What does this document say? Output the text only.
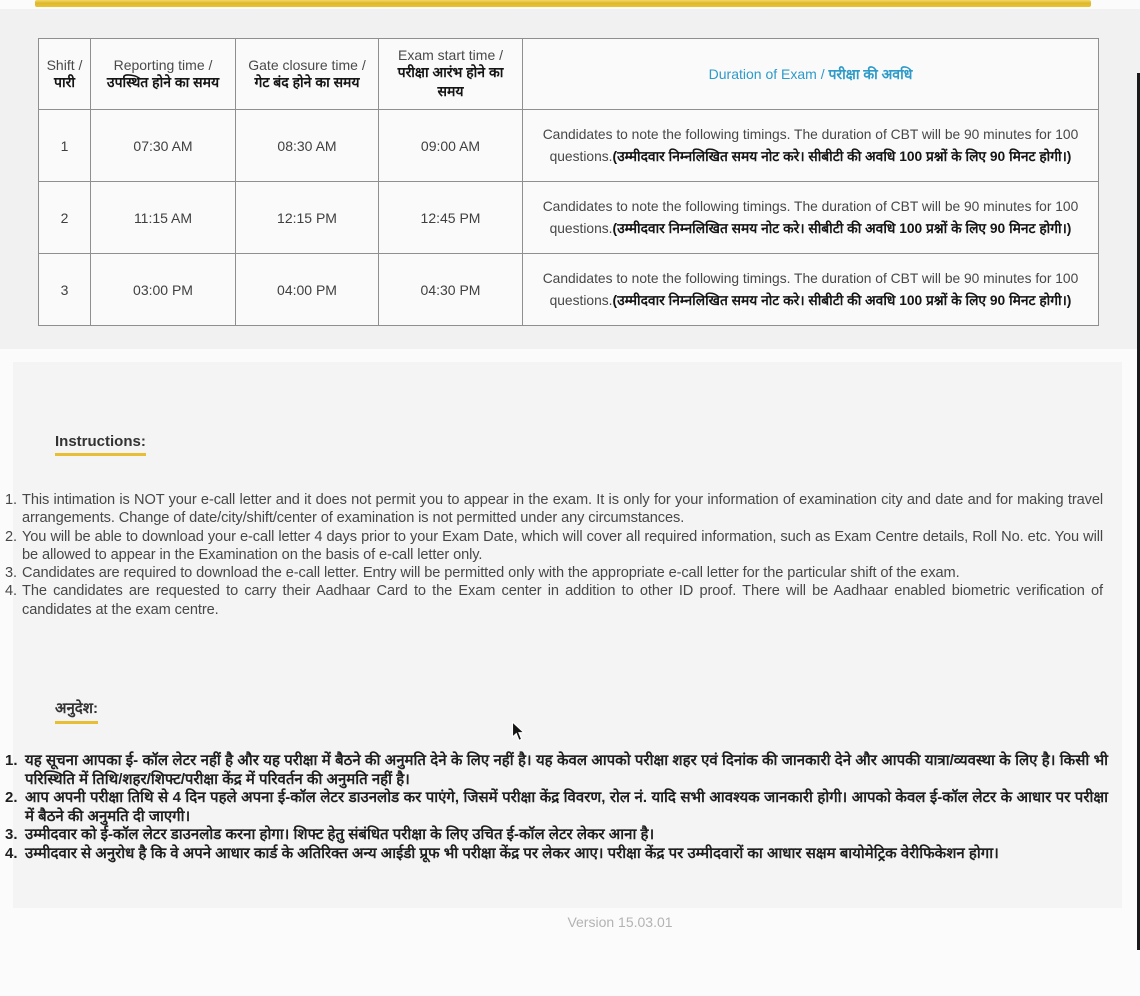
Shift / पारी	Reporting time / उपस्थित होने का समय	Gate closure time / गेट बंद होने का समय	Exam start time / परीक्षा आरंभ होने का समय	Duration of Exam / परीक्षा की अवधि
1	07:30 AM	08:30 AM	09:00 AM	Candidates to note the following timings. The duration of CBT will be 90 minutes for 100 questions.(उम्मीदवार निम्नलिखित समय नोट करे। सीबीटी की अवधि 100 प्रश्नों के लिए 90 मिनट होगी।)
2	11:15 AM	12:15 PM	12:45 PM	Candidates to note the following timings. The duration of CBT will be 90 minutes for 100 questions.(उम्मीदवार निम्नलिखित समय नोट करे। सीबीटी की अवधि 100 प्रश्नों के लिए 90 मिनट होगी।)
3	03:00 PM	04:00 PM	04:30 PM	Candidates to note the following timings. The duration of CBT will be 90 minutes for 100 questions.(उम्मीदवार निम्नलिखित समय नोट करे। सीबीटी की अवधि 100 प्रश्नों के लिए 90 मिनट होगी।)
Instructions:
1. This intimation is NOT your e-call letter and it does not permit you to appear in the exam. It is only for your information of examination city and date and for making travel arrangements. Change of date/city/shift/center of examination is not permitted under any circumstances.
2. You will be able to download your e-call letter 4 days prior to your Exam Date, which will cover all required information, such as Exam Centre details, Roll No. etc. You will be allowed to appear in the Examination on the basis of e-call letter only.
3. Candidates are required to download the e-call letter. Entry will be permitted only with the appropriate e-call letter for the particular shift of the exam.
4. The candidates are requested to carry their Aadhaar Card to the Exam center in addition to other ID proof. There will be Aadhaar enabled biometric verification of candidates at the exam centre.
अनुदेश:
1. यह सूचना आपका ई- कॉल लेटर नहीं है और यह परीक्षा में बैठने की अनुमति देने के लिए नहीं है। यह केवल आपको परीक्षा शहर एवं दिनांक की जानकारी देने और आपकी यात्रा/व्यवस्था के लिए है। किसी भी परिस्थिति में तिथि/शहर/शिफ्ट/परीक्षा केंद्र में परिवर्तन की अनुमति नहीं है।
2. आप अपनी परीक्षा तिथि से 4 दिन पहले अपना ई-कॉल लेटर डाउनलोड कर पाएंगे, जिसमें परीक्षा केंद्र विवरण, रोल नं. यादि सभी आवश्यक जानकारी होगी। आपको केवल ई-कॉल लेटर के आधार पर परीक्षा में बैठने की अनुमति दी जाएगी।
3. उम्मीदवार को ई-कॉल लेटर डाउनलोड करना होगा। शिफ्ट हेतु संबंधित परीक्षा के लिए उचित ई-कॉल लेटर लेकर आना है।
4. उम्मीदवार से अनुरोध है कि वे अपने आधार कार्ड के अतिरिक्त अन्य आईडी प्रूफ भी परीक्षा केंद्र पर लेकर आए। परीक्षा केंद्र पर उम्मीदवारों का आधार सक्षम बायोमेट्रिक वेरीफिकेशन होगा।
Version 15.03.01
